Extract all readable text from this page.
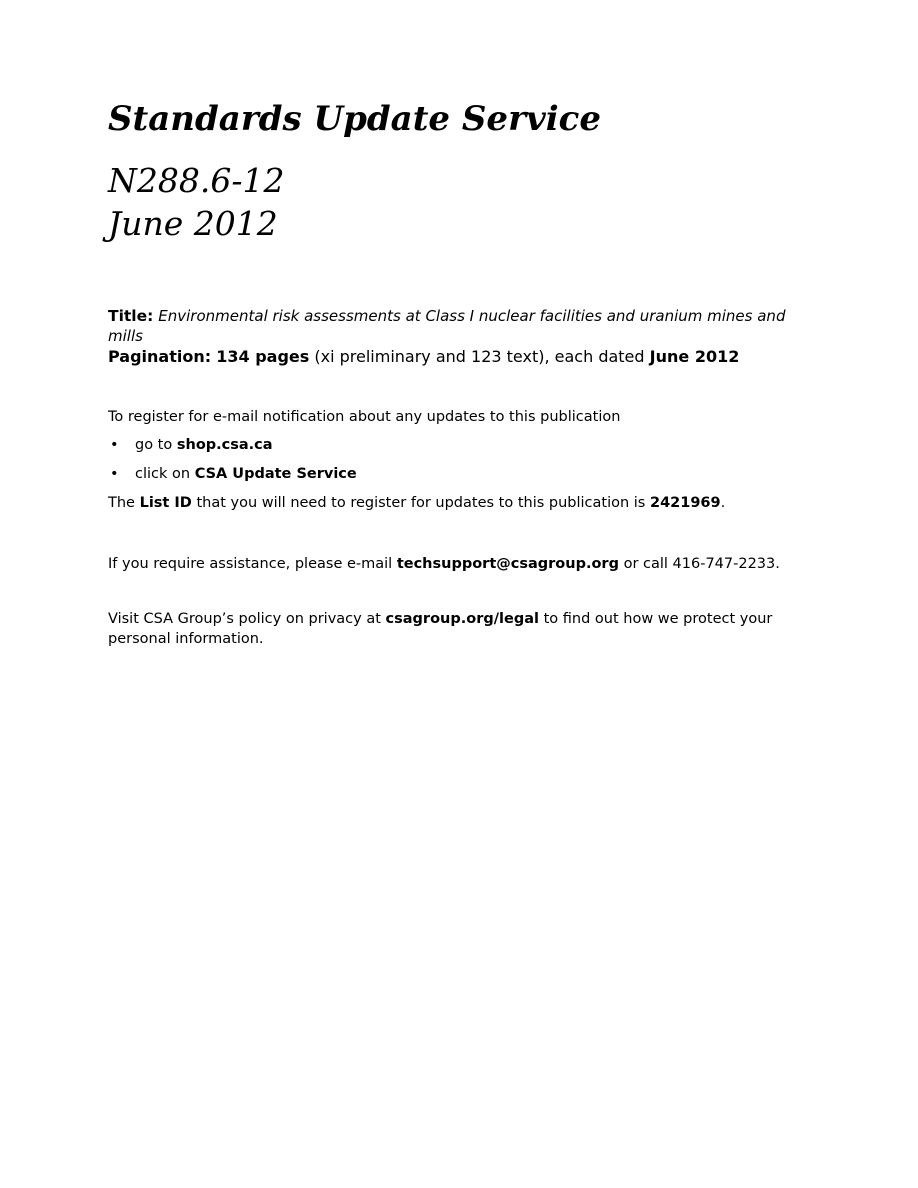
Standards Update Service
N288.6-12
June 2012
Title: Environmental risk assessments at Class I nuclear facilities and uranium mines and mills
Pagination: 134 pages (xi preliminary and 123 text), each dated June 2012

To register for e-mail notification about any updates to this publication

• go to shop.csa.ca
• click on CSA Update Service

The List ID that you will need to register for updates to this publication is 2421969.

If you require assistance, please e-mail techsupport@csagroup.org or call 416-747-2233.

Visit CSA Group’s policy on privacy at csagroup.org/legal to find out how we protect your personal information.
